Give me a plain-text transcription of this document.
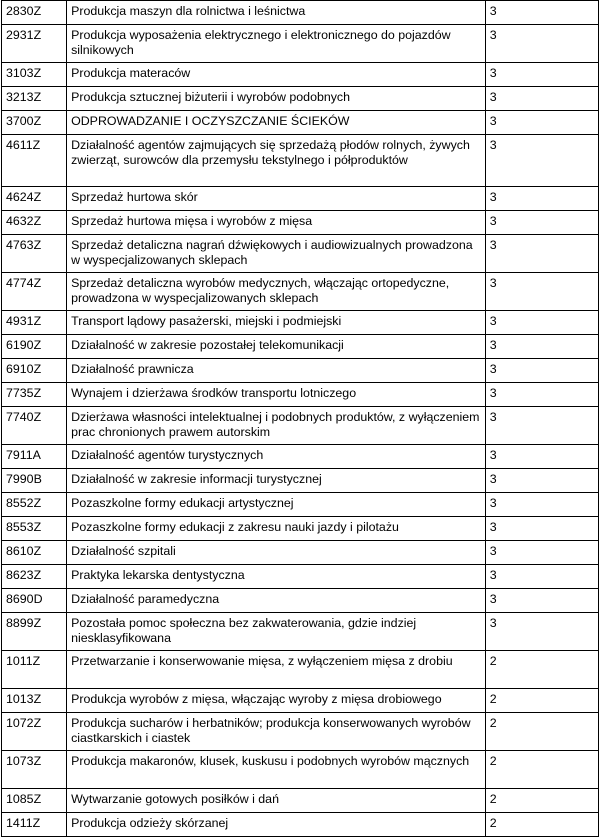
2830Z	Produkcja maszyn dla rolnictwa i leśnictwa	3
2931Z	Produkcja wyposażenia elektrycznego i elektronicznego do pojazdów silnikowych	3
3103Z	Produkcja materaców	3
3213Z	Produkcja sztucznej biżuterii i wyrobów podobnych	3
3700Z	ODPROWADZANIE I OCZYSZCZANIE ŚCIEKÓW	3
4611Z	Działalność agentów zajmujących się sprzedażą płodów rolnych, żywych zwierząt, surowców dla przemysłu tekstylnego i półproduktów	3
4624Z	Sprzedaż hurtowa skór	3
4632Z	Sprzedaż hurtowa mięsa i wyrobów z mięsa	3
4763Z	Sprzedaż detaliczna nagrań dźwiękowych i audiowizualnych prowadzona w wyspecjalizowanych sklepach	3
4774Z	Sprzedaż detaliczna wyrobów medycznych, włączając ortopedyczne, prowadzona w wyspecjalizowanych sklepach	3
4931Z	Transport lądowy pasażerski, miejski i podmiejski	3
6190Z	Działalność w zakresie pozostałej telekomunikacji	3
6910Z	Działalność prawnicza	3
7735Z	Wynajem i dzierżawa środków transportu lotniczego	3
7740Z	Dzierżawa własności intelektualnej i podobnych produktów, z wyłączeniem prac chronionych prawem autorskim	3
7911A	Działalność agentów turystycznych	3
7990B	Działalność w zakresie informacji turystycznej	3
8552Z	Pozaszkolne formy edukacji artystycznej	3
8553Z	Pozaszkolne formy edukacji z zakresu nauki jazdy i pilotażu	3
8610Z	Działalność szpitali	3
8623Z	Praktyka lekarska dentystyczna	3
8690D	Działalność paramedyczna	3
8899Z	Pozostała pomoc społeczna bez zakwaterowania, gdzie indziej niesklasyfikowana	3
1011Z	Przetwarzanie i konserwowanie mięsa, z wyłączeniem mięsa z drobiu	2
1013Z	Produkcja wyrobów z mięsa, włączając wyroby z mięsa drobiowego	2
1072Z	Produkcja sucharów i herbatników; produkcja konserwowanych wyrobów ciastkarskich i ciastek	2
1073Z	Produkcja makaronów, klusek, kuskusu i podobnych wyrobów mącznych	2
1085Z	Wytwarzanie gotowych posiłków i dań	2
1411Z	Produkcja odzieży skórzanej	2
